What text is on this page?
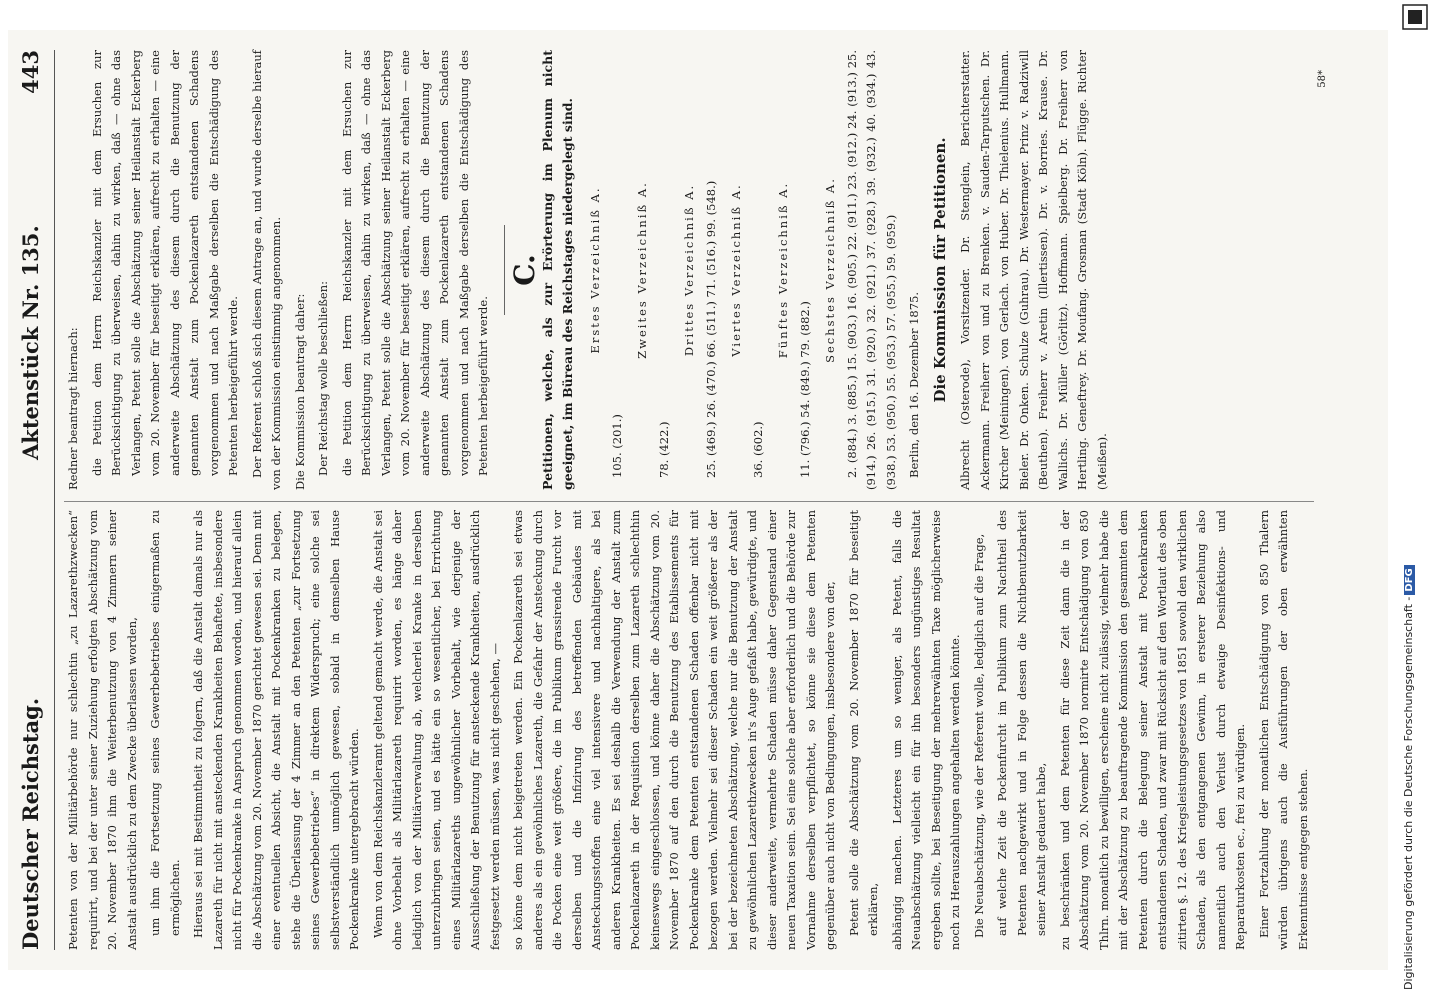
Deutscher Reichstag.
Aktenstück Nr. 135.
443

Petenten von der Militärbehörde nur schlechtin „zu Lazarethzwecken“ requirirt, und bei der unter seiner Zuziehung erfolgten Abschätzung vom 20. November 1870 ihm die Weiterbenutzung von 4 Zimmern seiner Anstalt ausdrücklich zu dem Zwecke überlassen worden, um ihm die Fortsetzung seines Gewerbebetriebes einigermaßen zu ermöglichen. Hieraus sei mit Bestimmtheit zu folgern, daß die Anstalt damals nur als Lazareth für nicht mit ansteckenden Krankheiten Behaftete, insbesondere nicht für Pockenkranke in Anspruch genommen worden, und hierauf allein die Abschätzung vom 20. November 1870 gerichtet gewesen sei. Denn mit einer eventuellen Absicht, die Anstalt mit Pockenkranken zu belegen, stehe die Überlassung der 4 Zimmer an den Petenten „zur Fortsetzung seines Gewerbebetriebes“ in direktem Widerspruch; eine solche sei selbstverständlich unmöglich gewesen, sobald in demselben Hause Pockenkranke untergebracht würden. Wenn von dem Reichskanzleramt geltend gemacht werde, die Anstalt sei ohne Vorbehalt als Militärlazareth requirirt worden, es hänge daher lediglich von der Militärverwaltung ab, welcherlei Kranke in derselben unterzubringen seien, und es hätte ein so wesentlicher, bei Errichtung eines Militärlazareths ungewöhnlicher Vorbehalt, wie derjenige der Ausschließung der Benutzung für ansteckende Krankheiten, ausdrücklich festgesetzt werden müssen, was nicht geschehen, — so könne dem nicht beigetreten werden. Ein Pockenlazareth sei etwas anderes als ein gewöhnliches Lazareth, die Gefahr der Ansteckung durch die Pocken eine weit größere, die im Publikum grassirende Furcht vor derselben und die Infizirung des betreffenden Gebäudes mit Ansteckungsstoffen eine viel intensivere und nachhaltigere, als bei anderen Krankheiten. Es sei deshalb die Verwendung der Anstalt zum Pockenlazareth in der Requisition derselben zum Lazareth schlechthin keineswegs eingeschlossen, und könne daher die Abschätzung vom 20. November 1870 auf den durch die Benutzung des Etablissements für Pockenkranke dem Petenten entstandenen Schaden offenbar nicht mit bezogen werden. Vielmehr sei dieser Schaden ein weit größerer als der bei der bezeichneten Abschätzung, welche nur die Benutzung der Anstalt zu gewöhnlichen Lazarethzwecken in's Auge gefaßt habe, gewürdigte, und dieser anderweite, vermehrte Schaden müsse daher Gegenstand einer neuen Taxation sein. Sei eine solche aber erforderlich und die Behörde zur Vornahme derselben verpflichtet, so könne sie diese dem Petenten gegenüber auch nicht von Bedingungen, insbesondere von der, Petent solle die Abschätzung vom 20. November 1870 für beseitigt erklären, abhängig machen. Letzteres um so weniger, als Petent, falls die Neuabschätzung vielleicht ein für ihn besonders ungünstiges Resultat ergeben sollte, bei Beseitigung der mehrerwähnten Taxe möglicherweise noch zu Herauszahlungen angehalten werden könnte. Die Neuabschätzung, wie der Referent wolle, lediglich auf die Frage, auf welche Zeit die Pockenfurcht im Publikum zum Nachtheil des Petenten nachgewirkt und in Folge dessen die Nichtbenutzbarkeit seiner Anstalt gedauert habe, zu beschränken und dem Petenten für diese Zeit dann die in der Abschätzung vom 20. November 1870 normirte Entschädigung von 850 Thlrn. monatlich zu bewilligen, erscheine nicht zulässig, vielmehr habe die mit der Abschätzung zu beauftragende Kommission den gesammten dem Petenten durch die Belegung seiner Anstalt mit Pockenkranken entstandenen Schaden, und zwar mit Rücksicht auf den Wortlaut des oben zitirten §. 12. des Kriegsleistungsgesetzes von 1851 sowohl den wirklichen Schaden, als den entgangenen Gewinn, in ersterer Beziehung also namentlich auch den Verlust durch etwaige Desinfektions- und Reparaturkosten ec., frei zu würdigen. Einer Fortzahlung der monatlichen Entschädigung von 850 Thalern würden übrigens auch die Ausführungen der oben erwähnten Erkenntnisse entgegen stehen.

Redner beantragt hiernach: die Petition dem Herrn Reichskanzler mit dem Ersuchen zur Berücksichtigung zu überweisen, dahin zu wirken, daß — ohne das Verlangen, Petent solle die Abschätzung seiner Heilanstalt Eckerberg vom 20. November für beseitigt erklären, aufrecht zu erhalten — eine anderweite Abschätzung des diesem durch die Benutzung der genannten Anstalt zum Pockenlazareth entstandenen Schadens vorgenommen und nach Maßgabe derselben die Entschädigung des Petenten herbeigeführt werde. Der Referent schloß sich diesem Antrage an, und wurde derselbe hierauf von der Kommission einstimmig angenommen. Die Kommission beantragt daher: Der Reichstag wolle beschließen: die Petition dem Herrn Reichskanzler mit dem Ersuchen zur Berücksichtigung zu überweisen, dahin zu wirken, daß — ohne das Verlangen, Petent solle die Abschätzung seiner Heilanstalt Eckerberg vom 20. November für beseitigt erklären, aufrecht zu erhalten — eine anderweite Abschätzung des diesem durch die Benutzung der genannten Anstalt zum Pockenlazareth entstandenen Schadens vorgenommen und nach Maßgabe derselben die Entschädigung des Petenten herbeigeführt werde.

C. Petitionen, welche, als zur Erörterung im Plenum nicht geeignet, im Büreau des Reichstages niedergelegt sind. Erstes Verzeichniß A.

105. (201.)

Zweites Verzeichniß A.

78. (422.)

Drittes Verzeichniß A. 25. (469.) 26. (470.) 66. (511.) 71. (516.) 99. (548.)	Viertes Verzeichniß A.

36. (602.)

Fünftes Verzeichniß A.

11. (796.) 54. (849.) 79. (882.)

Sechstes Verzeichniß A. 2. (884.) 3. (885.) 15. (903.) 16. (905.) 22. (911.) 23. (912.) 24. (913.) 25. (914.) 26. (915.) 31. (920.) 32. (921.) 37. (928.) 39. (932.) 40. (934.) 43. (938.) 53. (950.) 55. (953.) 57. (955.) 59. (959.) Berlin, den 16. Dezember 1875. Die Kommission für Petitionen. Albrecht (Osterode), Vorsitzender. Dr. Stenglein, Berichterstatter. Ackermann. Freiherr von und zu Brenken. v. Sauden-Tarputschen. Dr. Kircher (Meiningen). von Gerlach. von Huber. Dr. Thielenius. Hullmann. Bieler. Dr. Onken. Schulze (Guhrau). Dr. Westermayer. Prinz v. Radziwill (Beuthen). Freiherr v. Aretin (Illertissen). Dr. v. Borries. Krause. Dr. Wallichs. Dr. Müller (Görlitz). Hoffmann. Spielberg. Dr. Freiherr von Hertling. Geneftrey. Dr. Moufang. Grosman (Stadt Köln). Flügge. Richter (Meißen).

58*
Digitalisierung gefördert durch die Deutsche Forschungsgemeinschaft -DFG
